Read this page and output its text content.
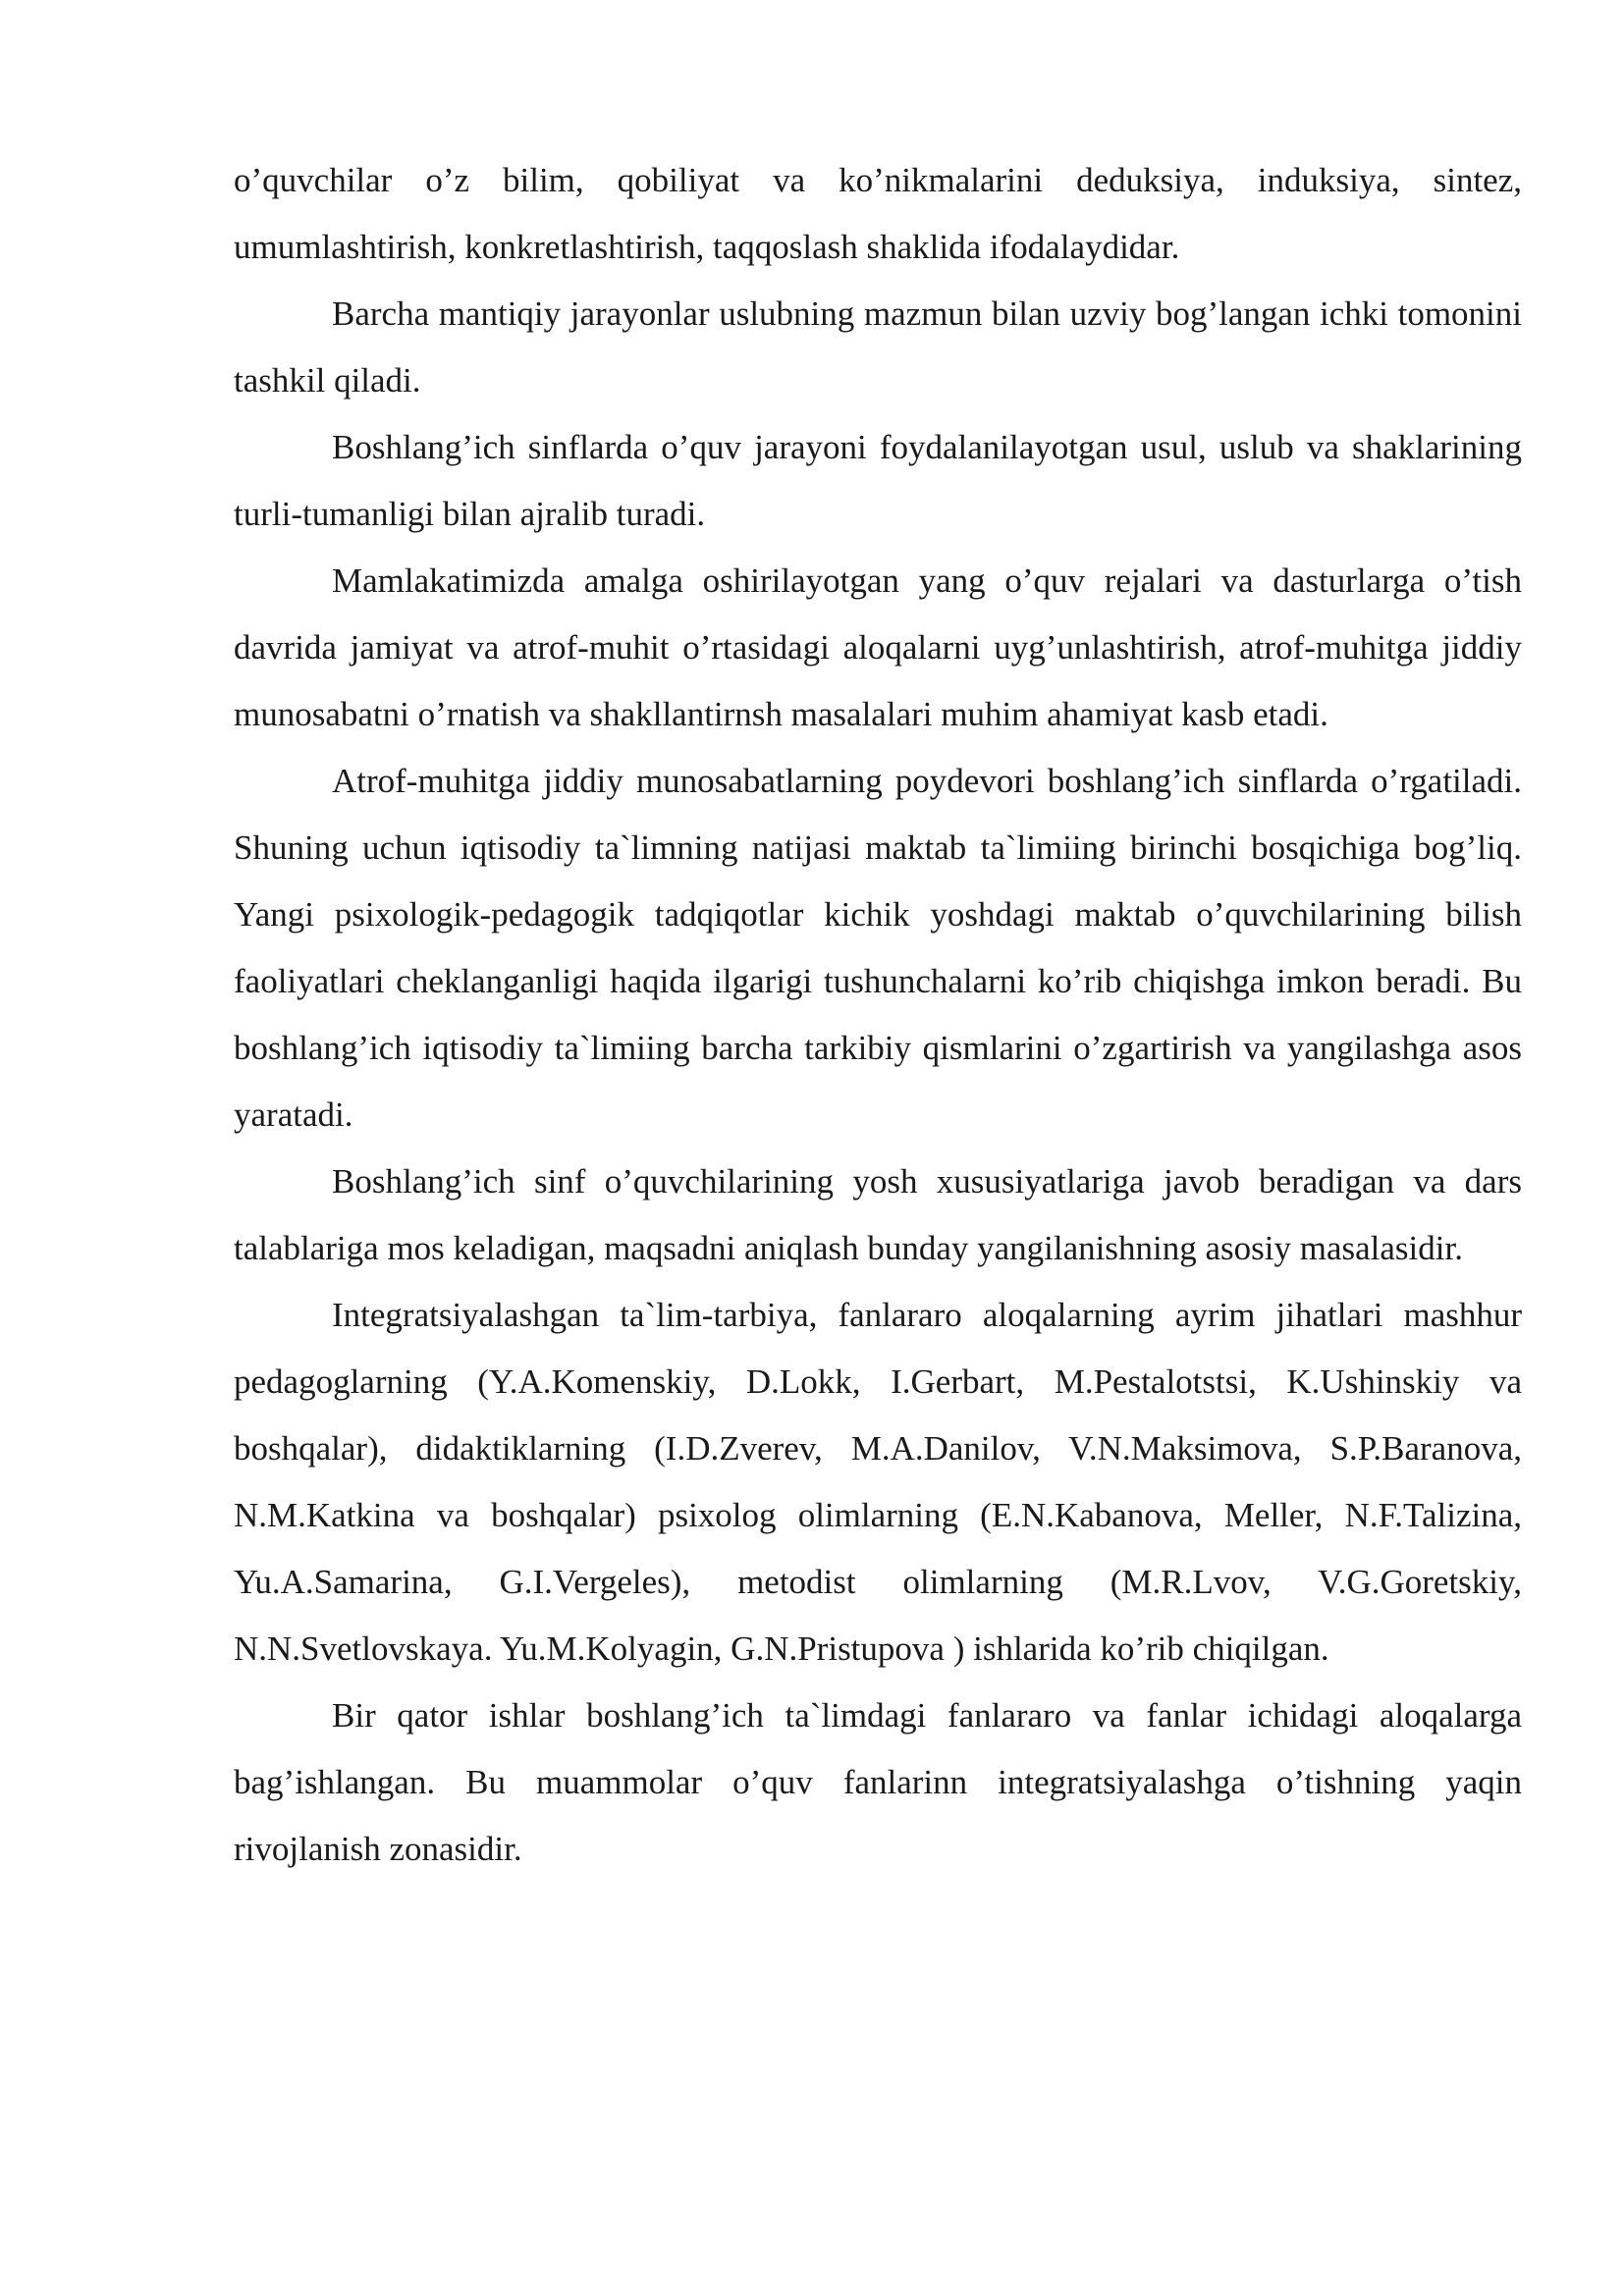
o’quvchilar o’z bilim, qobiliyat va ko’nikmalarini deduksiya, induksiya, sintez, umumlashtirish, konkretlashtirish, taqqoslash shaklida ifodalaydidar.

Barcha mantiqiy jarayonlar uslubning mazmun bilan uzviy bog’langan ichki tomonini tashkil qiladi.

Boshlang’ich sinflarda o’quv jarayoni foydalanilayotgan usul, uslub va shaklarining turli-tumanligi bilan ajralib turadi.

Mamlakatimizda amalga oshirilayotgan yang o’quv rejalari va dasturlarga o’tish davrida jamiyat va atrof-muhit o’rtasidagi aloqalarni uyg’unlashtirish, atrof-muhitga jiddiy munosabatni o’rnatish va shakllantirnsh masalalari muhim ahamiyat kasb etadi.

Atrof-muhitga jiddiy munosabatlarning poydevori boshlang’ich sinflarda o’rgatiladi. Shuning uchun iqtisodiy ta`limning natijasi maktab ta`limiing birinchi bosqichiga bog’liq. Yangi psixologik-pedagogik tadqiqotlar kichik yoshdagi maktab o’quvchilarining bilish faoliyatlari cheklanganligi haqida ilgarigi tushunchalarni ko’rib chiqishga imkon beradi. Bu boshlang’ich iqtisodiy ta`limiing barcha tarkibiy qismlarini o’zgartirish va yangilashga asos yaratadi.

Boshlang’ich sinf o’quvchilarining yosh xususiyatlariga javob beradigan va dars talablariga mos keladigan, maqsadni aniqlash bunday yangilanishning asosiy masalasidir.

Integratsiyalashgan ta`lim-tarbiya, fanlararo aloqalarning ayrim jihatlari mashhur pedagoglarning (Y.A.Komenskiy, D.Lokk, I.Gerbart, M.Pestalotstsi, K.Ushinskiy va boshqalar), didaktiklarning (I.D.Zverev, M.A.Danilov, V.N.Maksimova, S.P.Baranova, N.M.Katkina va boshqalar) psixolog olimlarning (E.N.Kabanova, Meller, N.F.Talizina, Yu.A.Samarina, G.I.Vergeles), metodist olimlarning (M.R.Lvov, V.G.Goretskiy, N.N.Svetlovskaya. Yu.M.Kolyagin, G.N.Pristupova ) ishlarida ko’rib chiqilgan.

Bir qator ishlar boshlang’ich ta`limdagi fanlararo va fanlar ichidagi aloqalarga bag’ishlangan. Bu muammolar o’quv fanlarinn integratsiyalashga o’tishning yaqin rivojlanish zonasidir.
